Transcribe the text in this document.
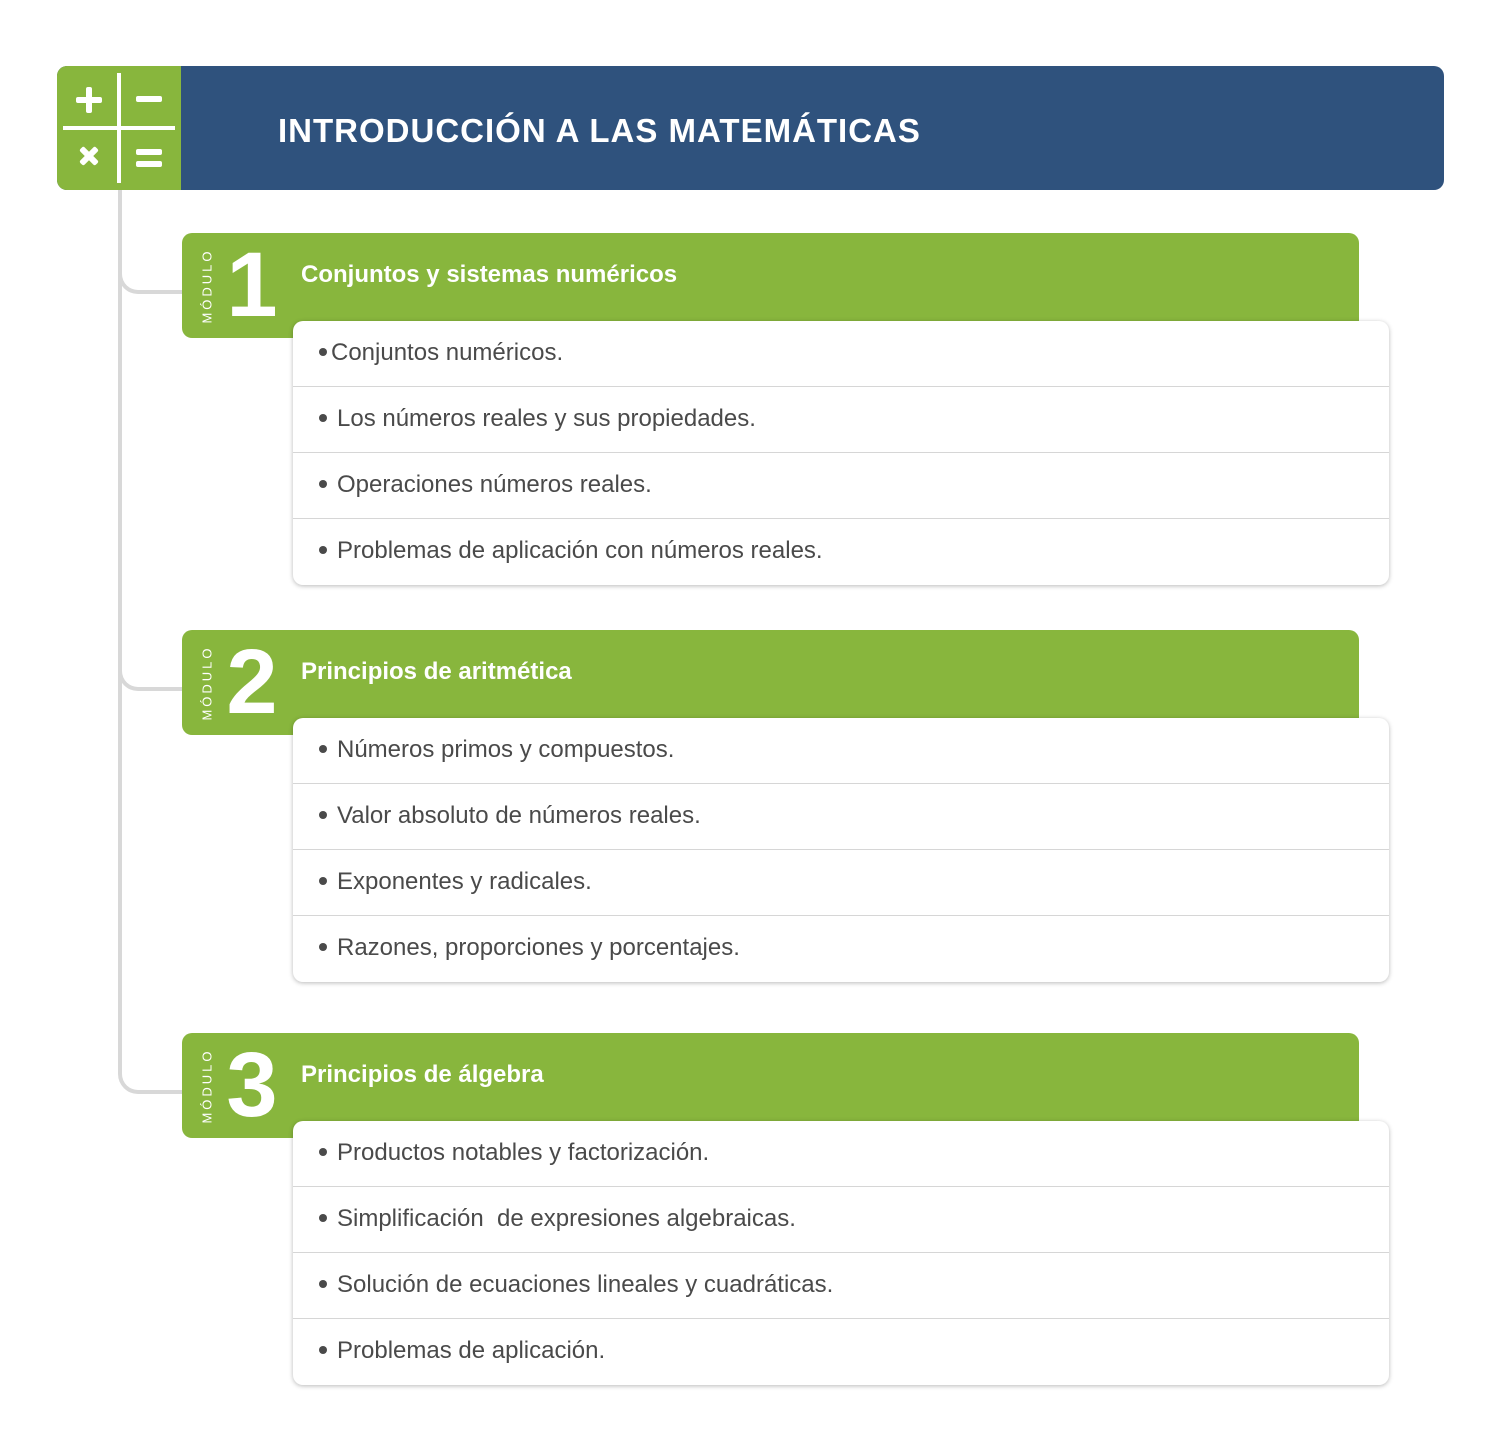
INTRODUCCIÓN A LAS MATEMÁTICAS
MÓDULO 1 Conjuntos y sistemas numéricos
Conjuntos numéricos.
Los números reales y sus propiedades.
Operaciones números reales.
Problemas de aplicación con números reales.
MÓDULO 2 Principios de aritmética
Números primos y compuestos.
Valor absoluto de números reales.
Exponentes y radicales.
Razones, proporciones y porcentajes.
MÓDULO 3 Principios de álgebra
Productos notables y factorización.
Simplificación  de expresiones algebraicas.
Solución de ecuaciones lineales y cuadráticas.
Problemas de aplicación.
